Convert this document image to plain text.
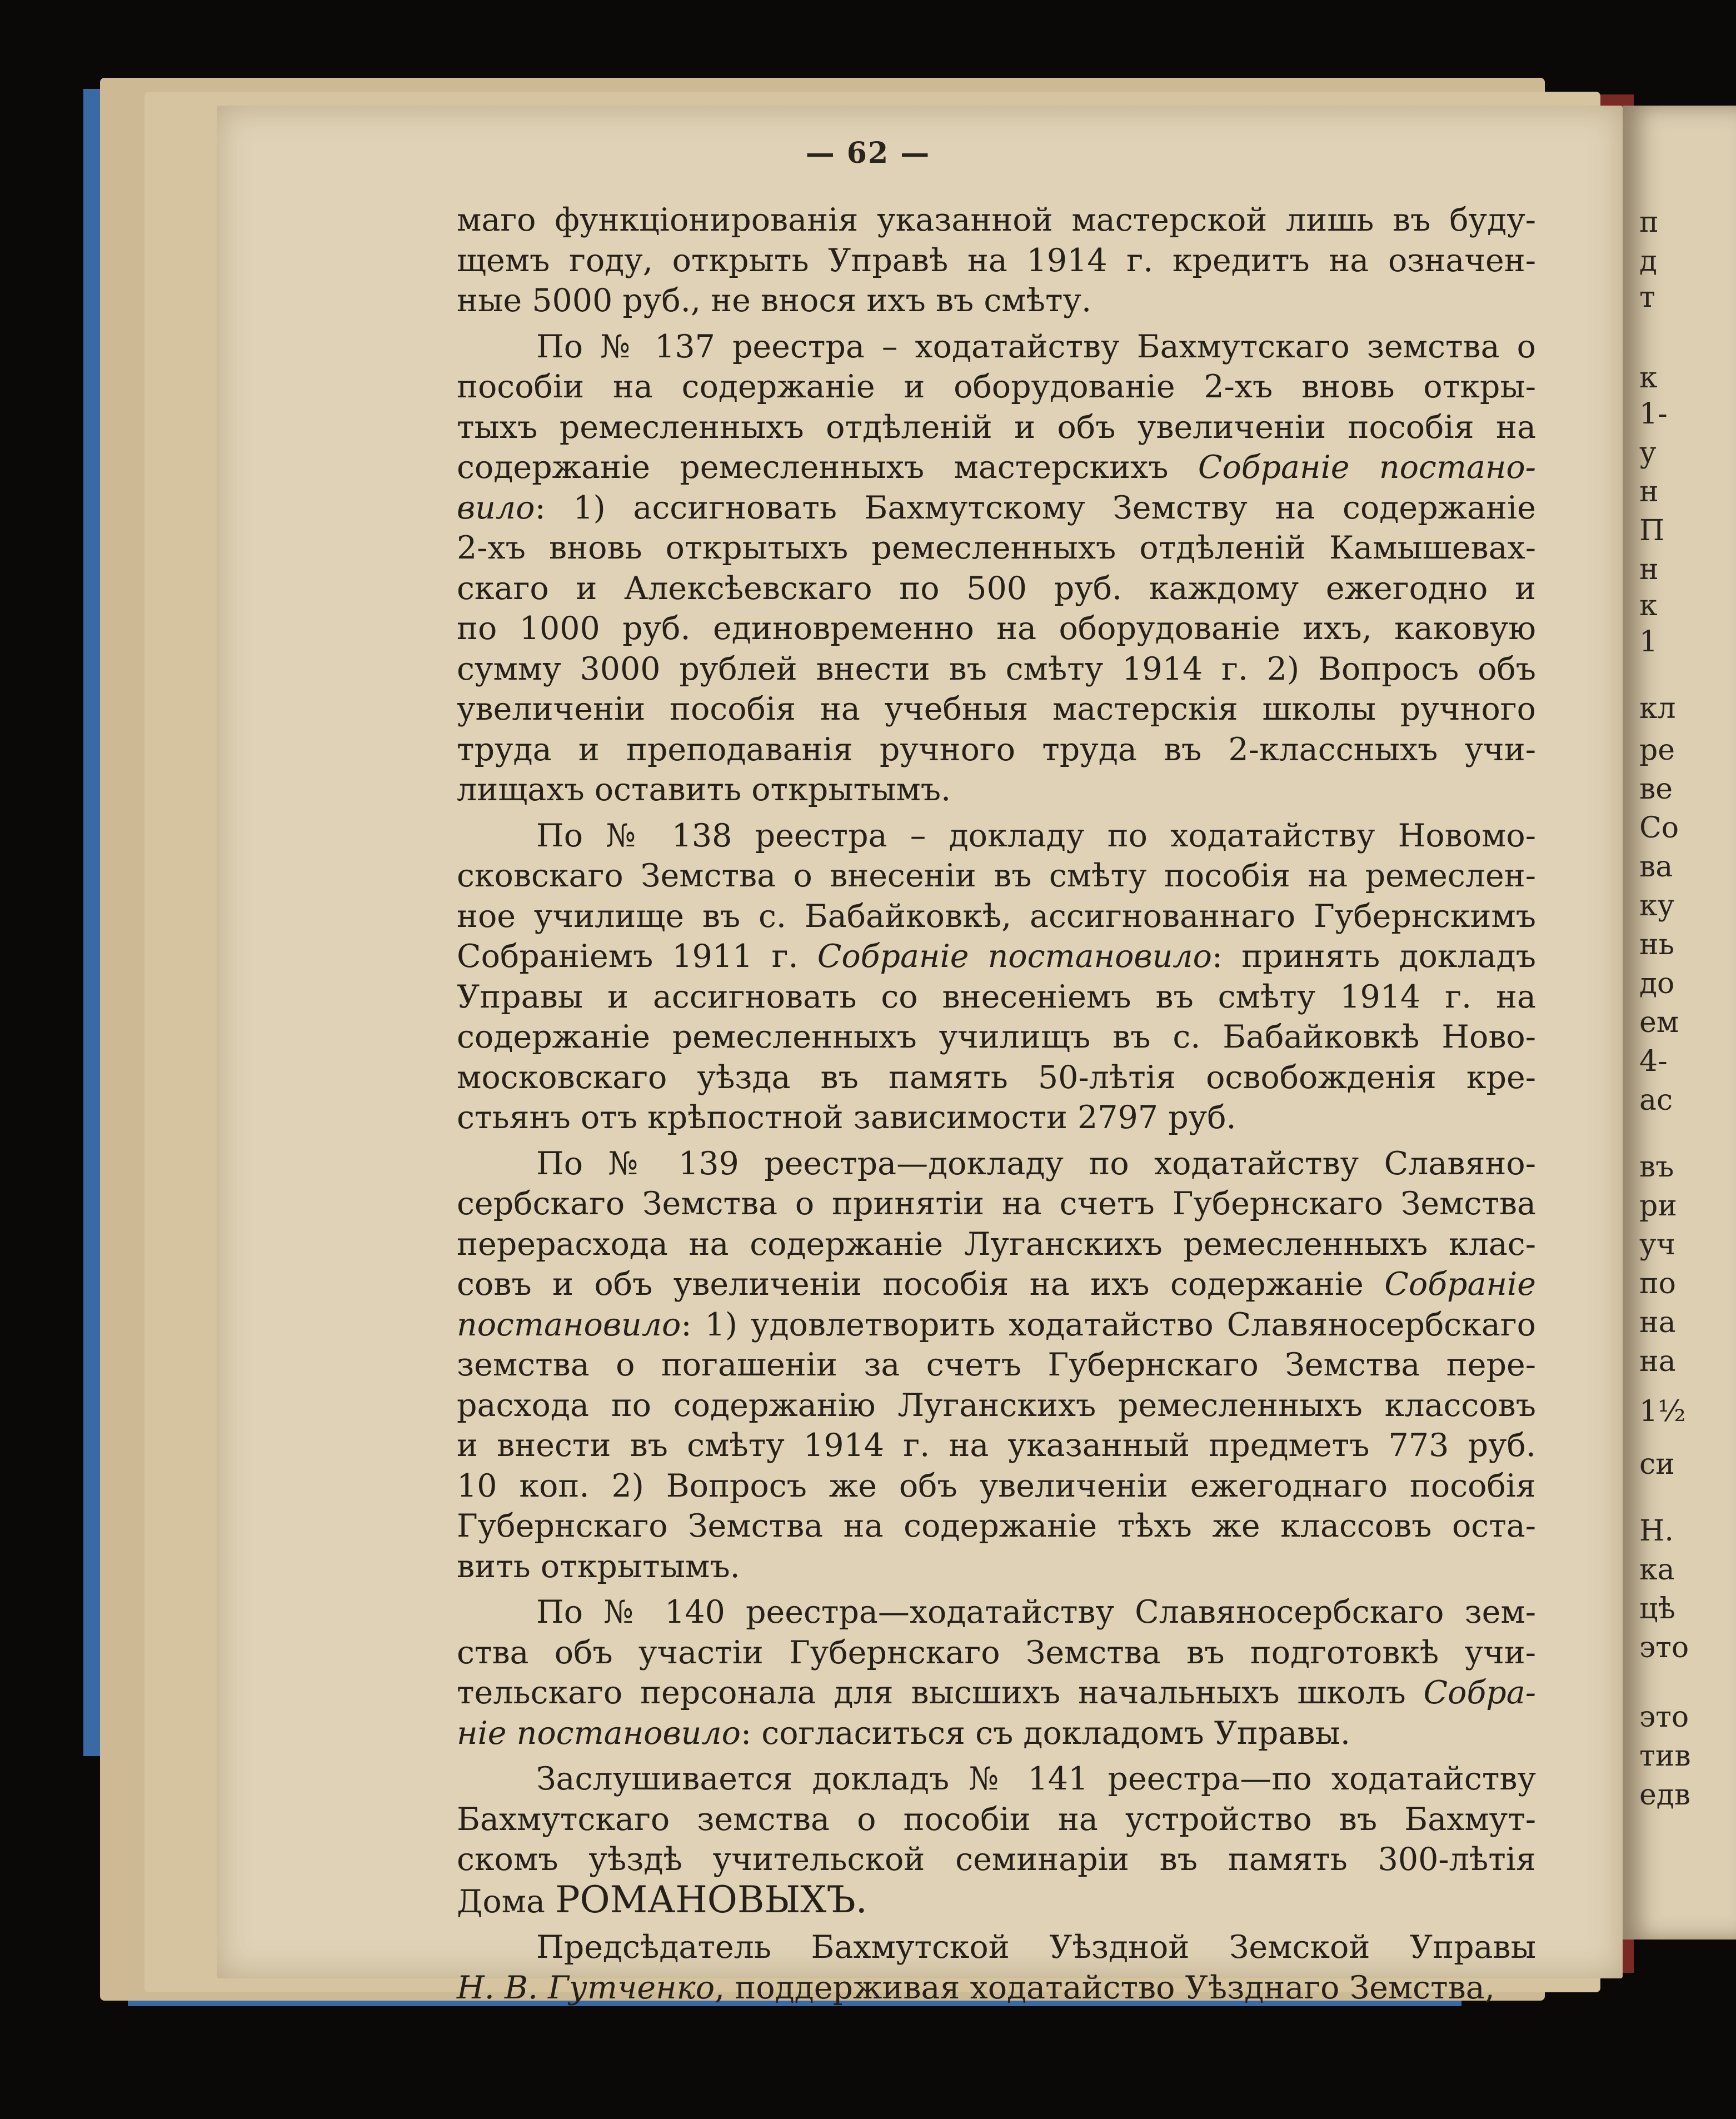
— 62 —

маго функціонированія указанной мастерской лишь въ буду-
щемъ году, открыть Управѣ на 1914 г. кредитъ на означен-
ные 5000 руб., не внося ихъ въ смѣту.

По № 137 реестра – ходатайству Бахмутскаго земства о
пособіи на содержаніе и оборудованіе 2-хъ вновь откры-
тыхъ ремесленныхъ отдѣленій и объ увеличеніи пособія на
содержаніе ремесленныхъ мастерскихъ Собраніе постано-
вило: 1) ассигновать Бахмутскому Земству на содержаніе
2-хъ вновь открытыхъ ремесленныхъ отдѣленій Камышевах-
скаго и Алексѣевскаго по 500 руб. каждому ежегодно и
по 1000 руб. единовременно на оборудованіе ихъ, каковую
сумму 3000 рублей внести въ смѣту 1914 г. 2) Вопросъ объ
увеличеніи пособія на учебныя мастерскія школы ручного
труда и преподаванія ручного труда въ 2-классныхъ учи-
лищахъ оставить открытымъ.

По № 138 реестра – докладу по ходатайству Новомо-
сковскаго Земства о внесеніи въ смѣту пособія на ремеслен-
ное училище въ с. Бабайковкѣ, ассигнованнаго Губернскимъ
Собраніемъ 1911 г. Собраніе постановило: принять докладъ
Управы и ассигновать со внесеніемъ въ смѣту 1914 г. на
содержаніе ремесленныхъ училищъ въ с. Бабайковкѣ Ново-
московскаго уѣзда въ память 50-лѣтія освобожденія кре-
стьянъ отъ крѣпостной зависимости 2797 руб.

По № 139 реестра—докладу по ходатайству Славяно-
сербскаго Земства о принятіи на счетъ Губернскаго Земства
перерасхода на содержаніе Луганскихъ ремесленныхъ клас-
совъ и объ увеличеніи пособія на ихъ содержаніе Собраніе
постановило: 1) удовлетворить ходатайство Славяносербскаго
земства о погашеніи за счетъ Губернскаго Земства пере-
расхода по содержанію Луганскихъ ремесленныхъ классовъ
и внести въ смѣту 1914 г. на указанный предметъ 773 руб.
10 коп. 2) Вопросъ же объ увеличеніи ежегоднаго пособія
Губернскаго Земства на содержаніе тѣхъ же классовъ оста-
вить открытымъ.

По № 140 реестра—ходатайству Славяносербскаго зем-
ства объ участіи Губернскаго Земства въ подготовкѣ учи-
тельскаго персонала для высшихъ начальныхъ школъ Собра-
ніе постановило: согласиться съ докладомъ Управы.

Заслушивается докладъ № 141 реестра—по ходатайству
Бахмутскаго земства о пособіи на устройство въ Бахмут-
скомъ уѣздѣ учительской семинаріи въ память 300-лѣтія
Дома РОМАНОВЫХЪ.

Предсѣдатель Бахмутской Уѣздной Земской Управы
Н. В. Гутченко, поддерживая ходатайство Уѣзднаго Земства,

п
д
т
к
1-
у
н
П
н
к
1
кл
ре
ве
Со
ва
ку
нь
до
ем
4-
ас
въ
ри
уч
по
на
на
1½
си
Н.
ка
цѣ
это
это
тив
едв
